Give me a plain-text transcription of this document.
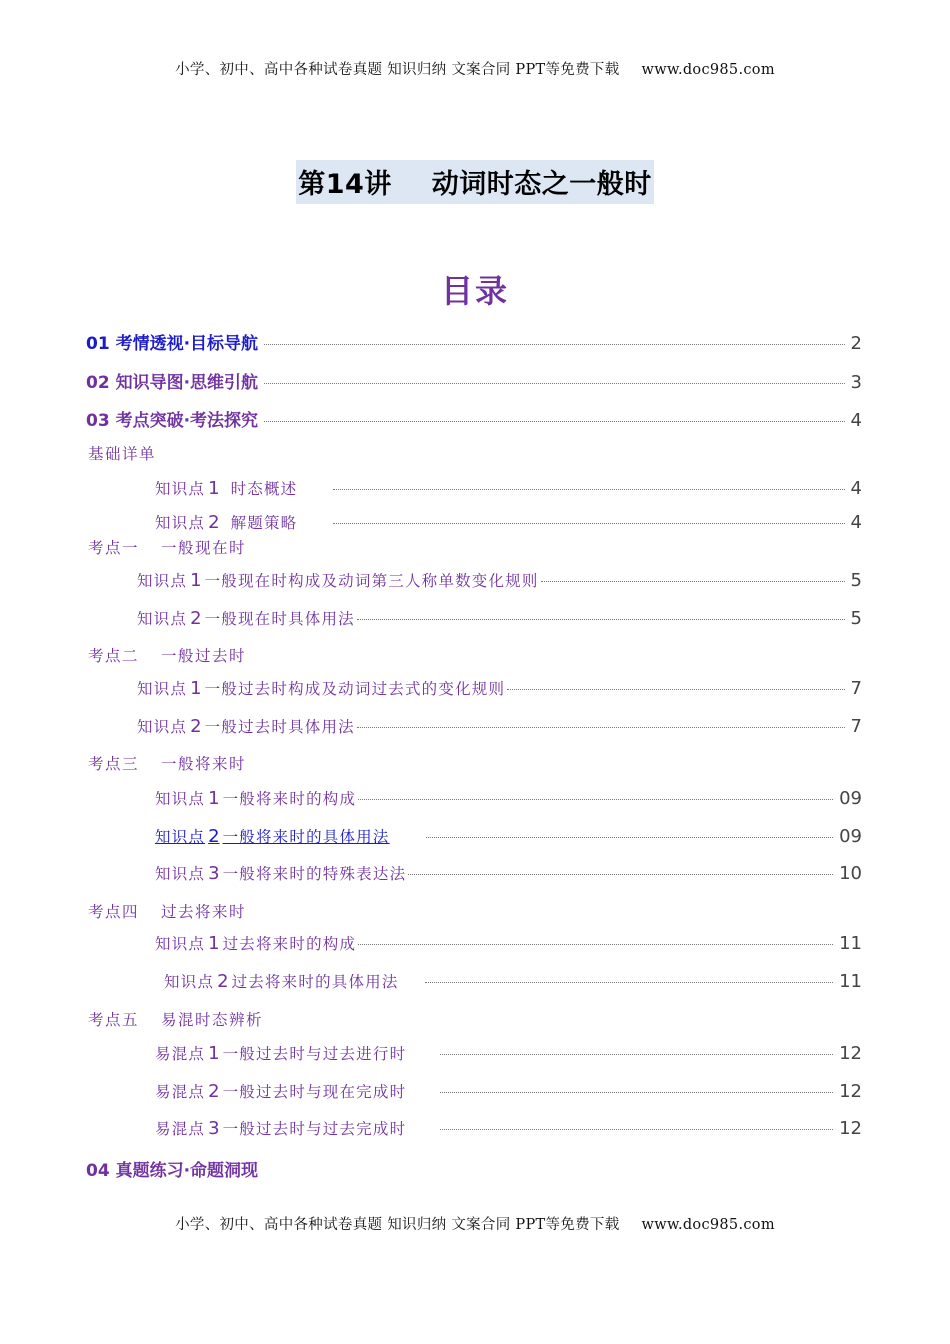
小学、初中、高中各种试卷真题 知识归纳 文案合同 PPT等免费下载 www.doc985.com
第14讲 动词时态之一般时
目录
01 考情透视·目标导航	2
02 知识导图·思维引航	3
03 考点突破·考法探究	4
基础详单
知识点 1 时态概述	4
知识点 2 解题策略	4
考点一 一般现在时
知识点 1 一般现在时构成及动词第三人称单数变化规则	5
知识点 2 一般现在时具体用法	5
考点二 一般过去时
知识点 1 一般过去时构成及动词过去式的变化规则	7
知识点 2 一般过去时具体用法	7
考点三 一般将来时
知识点 1 一般将来时的构成	09
知识点 2 一般将来时的具体用法	09
知识点 3 一般将来时的特殊表达法	10
考点四 过去将来时
知识点 1 过去将来时的构成	11
知识点 2 过去将来时的具体用法	11
考点五 易混时态辨析
易混点 1 一般过去时与过去进行时	12
易混点 2 一般过去时与现在完成时	12
易混点 3 一般过去时与过去完成时	12
04 真题练习·命题洞现
小学、初中、高中各种试卷真题 知识归纳 文案合同 PPT等免费下载 www.doc985.com
